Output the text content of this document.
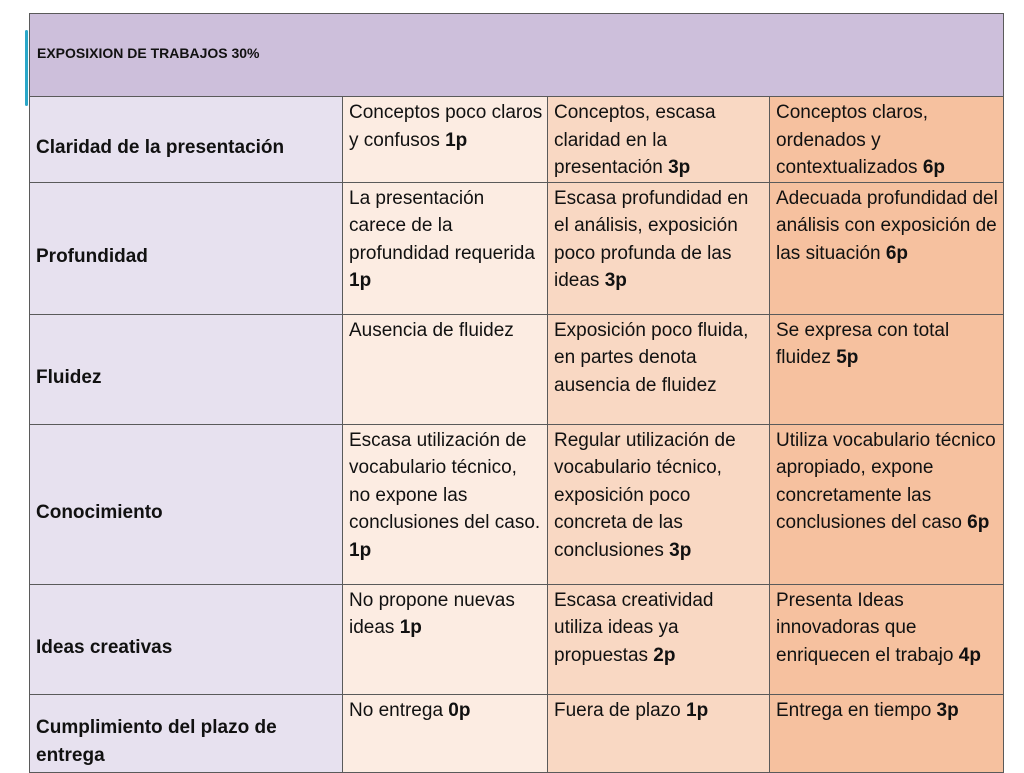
EXPOSIXION DE TRABAJOS 30%			
Claridad de la presentación	Conceptos poco claros y confusos 1p	Conceptos, escasa claridad en la presentación 3p	Conceptos claros, ordenados y contextualizados 6p
Profundidad	La presentación carece de la profundidad requerida 1p	Escasa profundidad en el análisis, exposición poco profunda de las ideas 3p	Adecuada profundidad del análisis con exposición de las situación 6p
Fluidez	Ausencia de fluidez	Exposición poco fluida, en partes denota ausencia de fluidez	Se expresa con total fluidez 5p
Conocimiento	Escasa utilización de vocabulario técnico, no expone las conclusiones del caso. 1p	Regular utilización de vocabulario técnico, exposición poco concreta de las conclusiones 3p	Utiliza vocabulario técnico apropiado, expone concretamente las conclusiones del caso 6p
Ideas creativas	No propone nuevas ideas 1p	Escasa creatividad utiliza ideas ya propuestas 2p	Presenta Ideas innovadoras que enriquecen el trabajo 4p
Cumplimiento del plazo de entrega	No entrega 0p	Fuera de plazo 1p	Entrega en tiempo 3p
